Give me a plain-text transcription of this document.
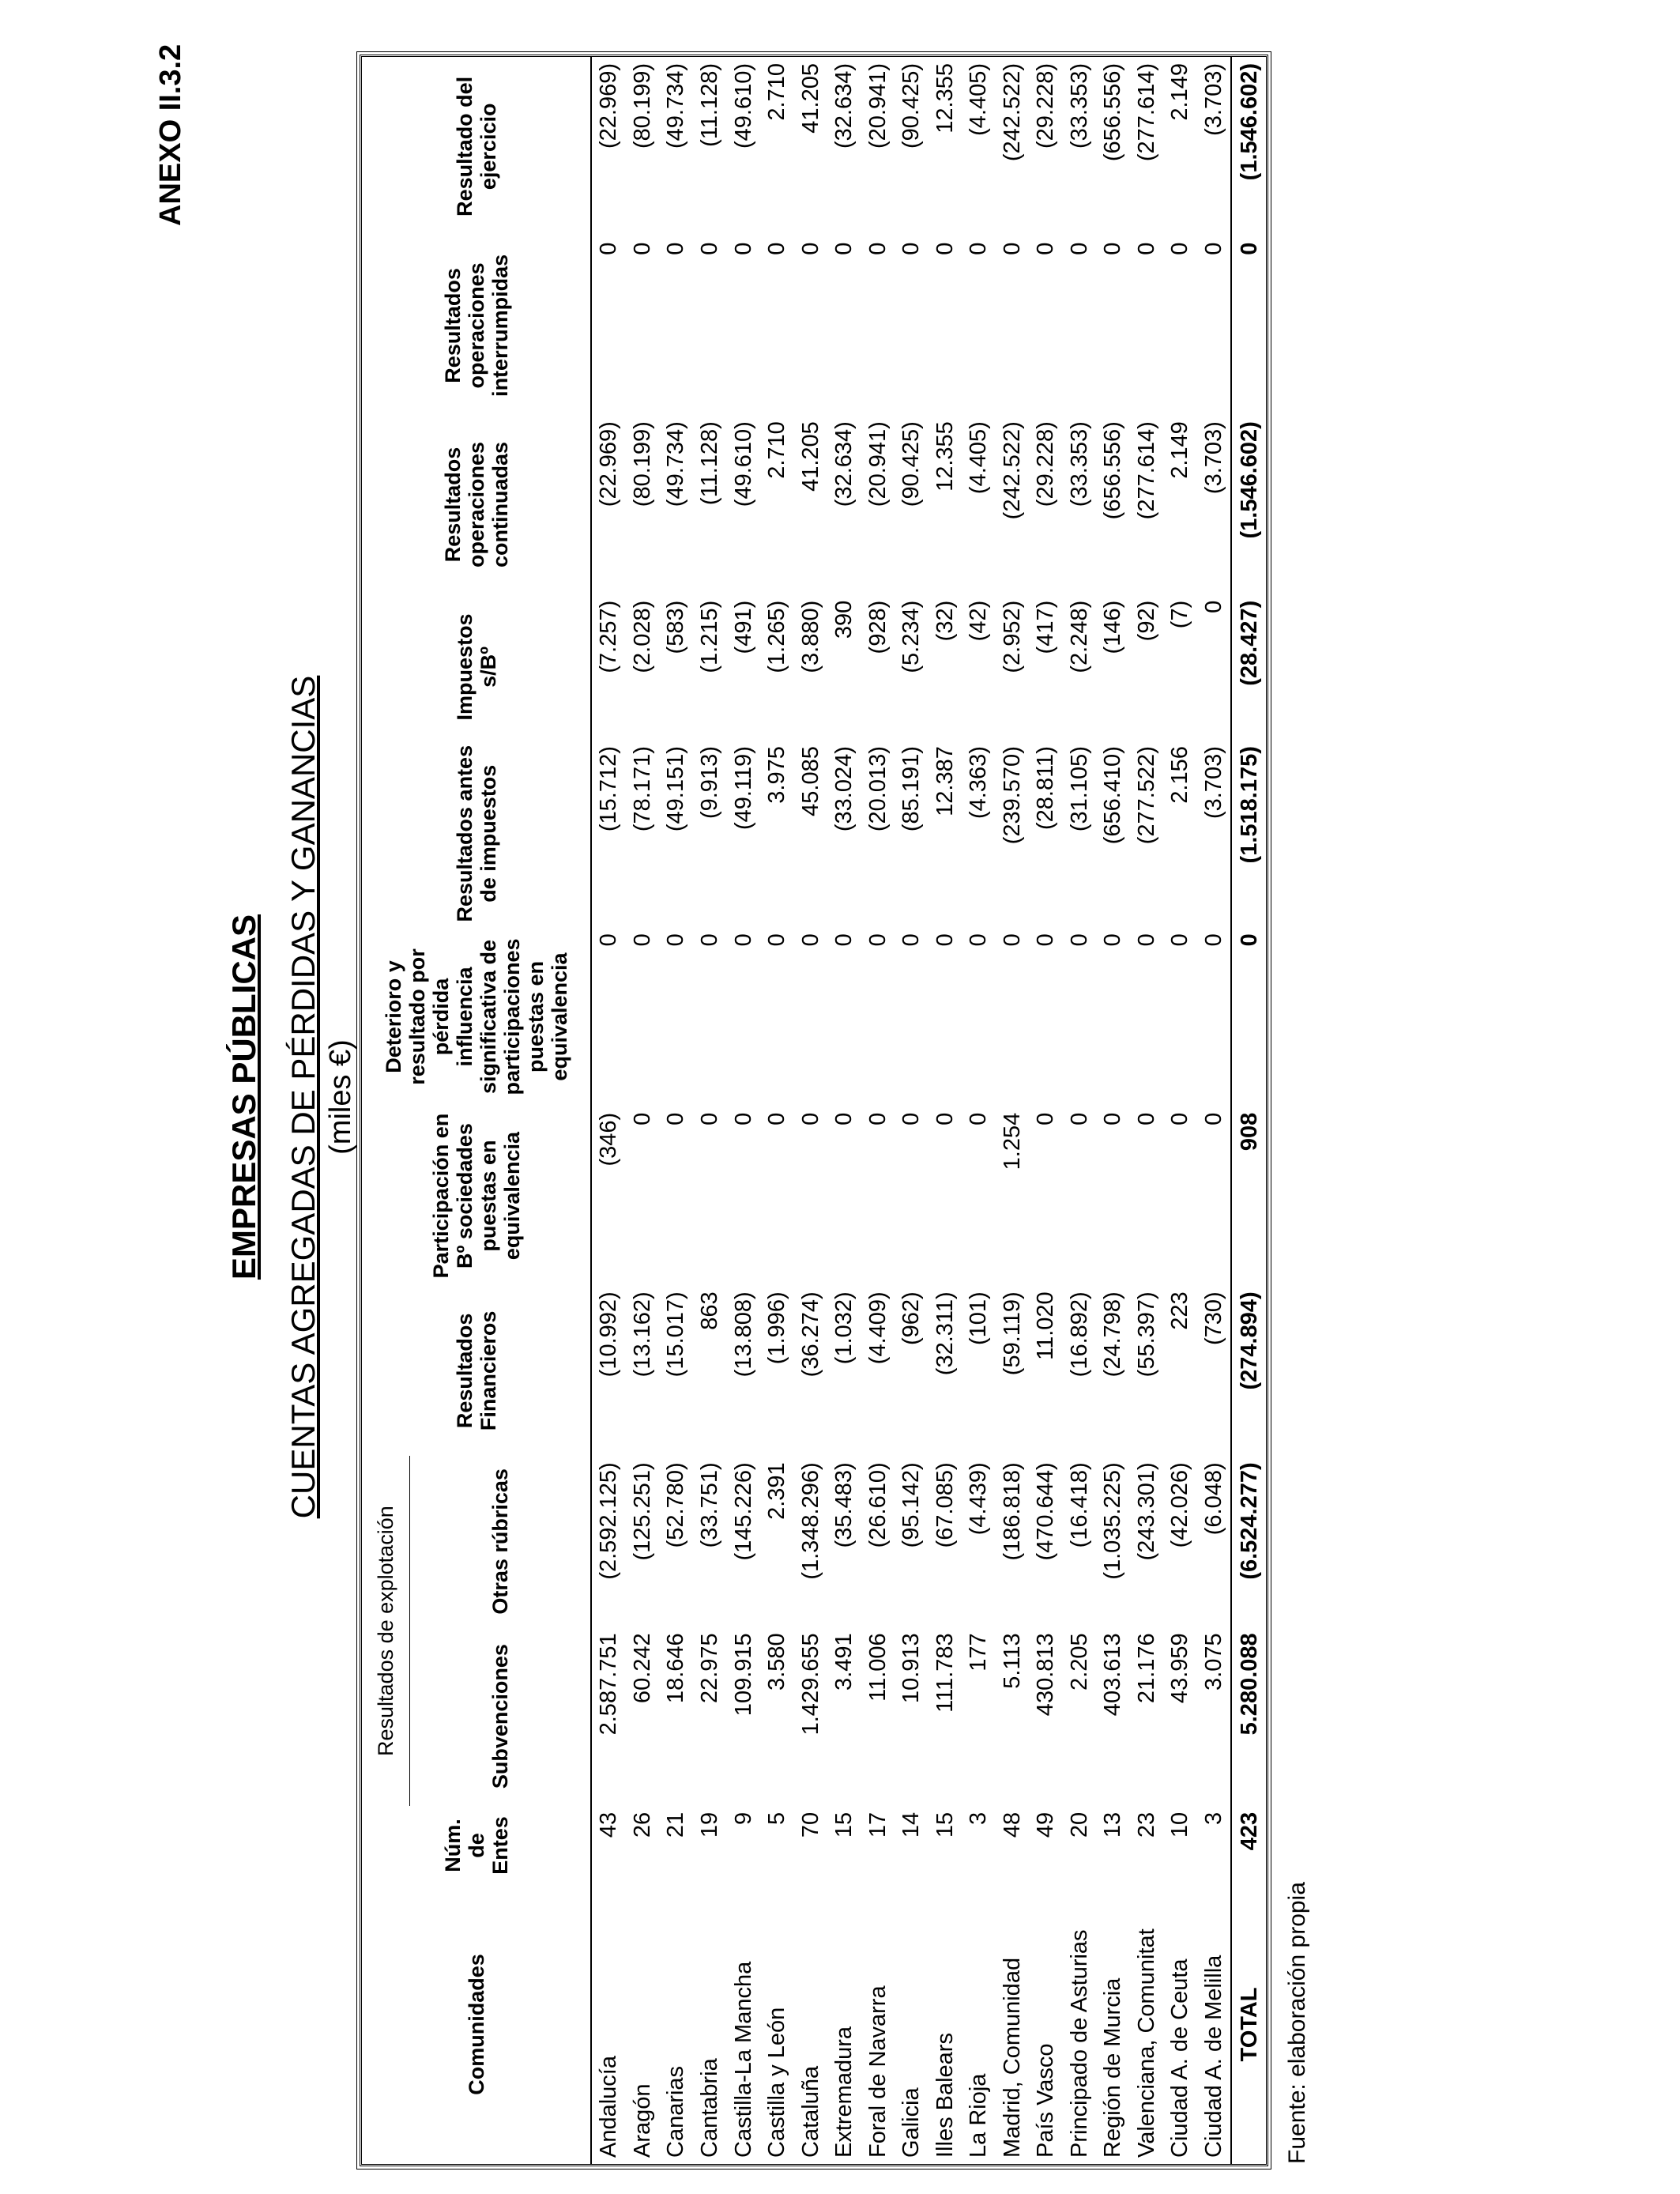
ANEXO II.3.2
EMPRESAS PÚBLICAS CUENTAS AGREGADAS DE PÉRDIDAS Y GANANCIAS (miles €)
Comunidades	Núm. de Entes	Resultados de explotación		Resultados Financieros	Participación en Bº sociedades puestas en equivalencia	Deterioro y resultado por pérdida influencia significativa de participaciones puestas en equivalencia	Resultados antes de impuestos	Impuestos s/Bº	Resultados operaciones continuadas	Resultados operaciones interrumpidas	Resultado del ejercicio
		Subvenciones	Otras rúbricas								
Andalucía	43	2.587.751	(2.592.125)	(10.992)	(346)	0	(15.712)	(7.257)	(22.969)	0	(22.969)
Aragón	26	60.242	(125.251)	(13.162)	0	0	(78.171)	(2.028)	(80.199)	0	(80.199)
Canarias	21	18.646	(52.780)	(15.017)	0	0	(49.151)	(583)	(49.734)	0	(49.734)
Cantabria	19	22.975	(33.751)	863	0	0	(9.913)	(1.215)	(11.128)	0	(11.128)
Castilla-La Mancha	9	109.915	(145.226)	(13.808)	0	0	(49.119)	(491)	(49.610)	0	(49.610)
Castilla y León	5	3.580	2.391	(1.996)	0	0	3.975	(1.265)	2.710	0	2.710
Cataluña	70	1.429.655	(1.348.296)	(36.274)	0	0	45.085	(3.880)	41.205	0	41.205
Extremadura	15	3.491	(35.483)	(1.032)	0	0	(33.024)	390	(32.634)	0	(32.634)
Foral de Navarra	17	11.006	(26.610)	(4.409)	0	0	(20.013)	(928)	(20.941)	0	(20.941)
Galicia	14	10.913	(95.142)	(962)	0	0	(85.191)	(5.234)	(90.425)	0	(90.425)
Illes Balears	15	111.783	(67.085)	(32.311)	0	0	12.387	(32)	12.355	0	12.355
La Rioja	3	177	(4.439)	(101)	0	0	(4.363)	(42)	(4.405)	0	(4.405)
Madrid, Comunidad	48	5.113	(186.818)	(59.119)	1.254	0	(239.570)	(2.952)	(242.522)	0	(242.522)
País Vasco	49	430.813	(470.644)	11.020	0	0	(28.811)	(417)	(29.228)	0	(29.228)
Principado de Asturias	20	2.205	(16.418)	(16.892)	0	0	(31.105)	(2.248)	(33.353)	0	(33.353)
Región de Murcia	13	403.613	(1.035.225)	(24.798)	0	0	(656.410)	(146)	(656.556)	0	(656.556)
Valenciana, Comunitat	23	21.176	(243.301)	(55.397)	0	0	(277.522)	(92)	(277.614)	0	(277.614)
Ciudad A. de Ceuta	10	43.959	(42.026)	223	0	0	2.156	(7)	2.149	0	2.149
Ciudad A. de Melilla	3	3.075	(6.048)	(730)	0	0	(3.703)	0	(3.703)	0	(3.703)
TOTAL	423	5.280.088	(6.524.277)	(274.894)	908	0	(1.518.175)	(28.427)	(1.546.602)	0	(1.546.602)
Fuente: elaboración propia
